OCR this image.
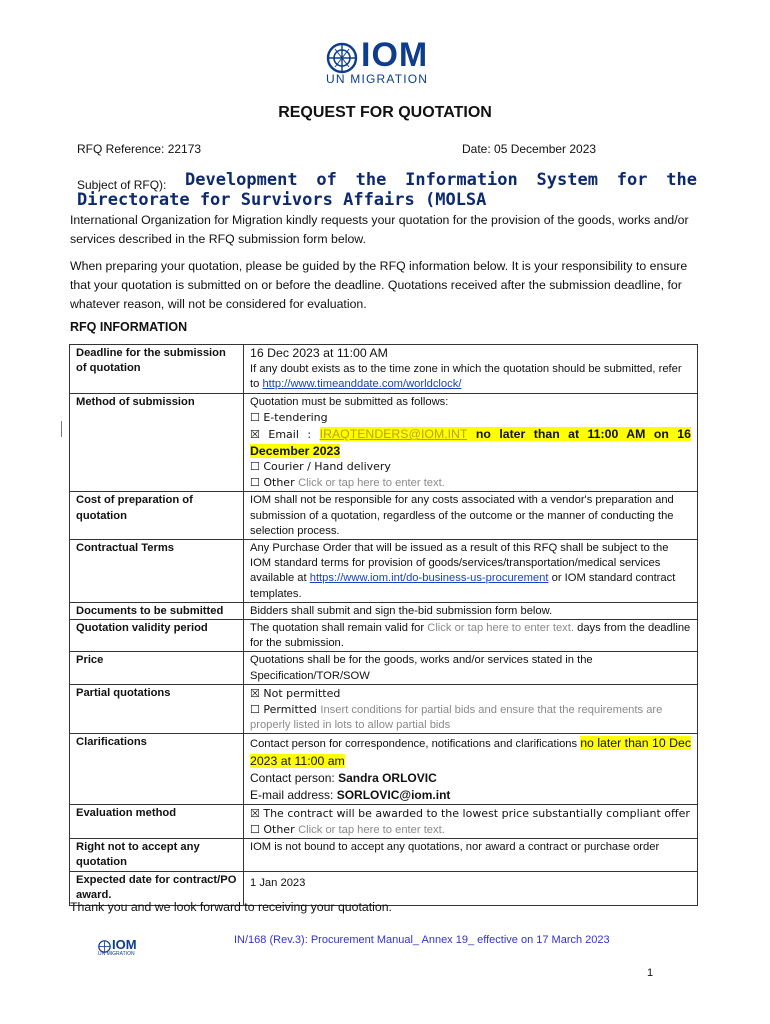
IOM
UN MIGRATION
REQUEST FOR QUOTATION
RFQ Reference: 22173	Date: 05 December 2023
Subject of RFQ):	Development of the Information System for the Directorate for Survivors Affairs (MOLSA
International Organization for Migration kindly requests your quotation for the provision of the goods, works and/or services described in the RFQ submission form below.
When preparing your quotation, please be guided by the RFQ information below. It is your responsibility to ensure that your quotation is submitted on or before the deadline. Quotations received after the submission deadline, for whatever reason, will not be considered for evaluation.
RFQ INFORMATION
Deadline for the submission of quotation	16 Dec 2023 at 11:00 AM
If any doubt exists as to the time zone in which the quotation should be submitted, refer to http://www.timeanddate.com/worldclock/
Method of submission	Quotation must be submitted as follows:
☐ E-tendering

☒ Email : IRAQTENDERS@IOM.INT no later than at 11:00 AM on 16 December 2023
☐ Courier / Hand delivery
☐ Other Click or tap here to enter text.
Cost of preparation of quotation	IOM shall not be responsible for any costs associated with a vendor's preparation and submission of a quotation, regardless of the outcome or the manner of conducting the selection process.
Contractual Terms	Any Purchase Order that will be issued as a result of this RFQ shall be subject to the IOM standard terms for provision of goods/services/transportation/medical services available at https://www.iom.int/do-business-us-procurement or IOM standard contract templates.
Documents to be submitted	Bidders shall submit and sign the-bid submission form below.
Quotation validity period	The quotation shall remain valid for Click or tap here to enter text. days from the deadline for the submission.
Price	Quotations shall be for the goods, works and/or services stated in the Specification/TOR/SOW
Partial quotations	☒ Not permitted
☐ Permitted Insert conditions for partial bids and ensure that the requirements are properly listed in lots to allow partial bids
Clarifications	Contact person for correspondence, notifications and clarifications no later than 10 Dec 2023 at 11:00 am
Contact person: Sandra ORLOVIC
E-mail address: SORLOVIC@iom.int
Evaluation method	☒ The contract will be awarded to the lowest price substantially compliant offer
☐ Other Click or tap here to enter text.
Right not to accept any quotation	IOM is not bound to accept any quotations, nor award a contract or purchase order
Expected date for contract/PO award.	1 Jan 2023
Thank you and we look forward to receiving your quotation.
IOM
UN MIGRATION
IN/168 (Rev.3): Procurement Manual_ Annex 19_ effective on 17 March 2023
1
